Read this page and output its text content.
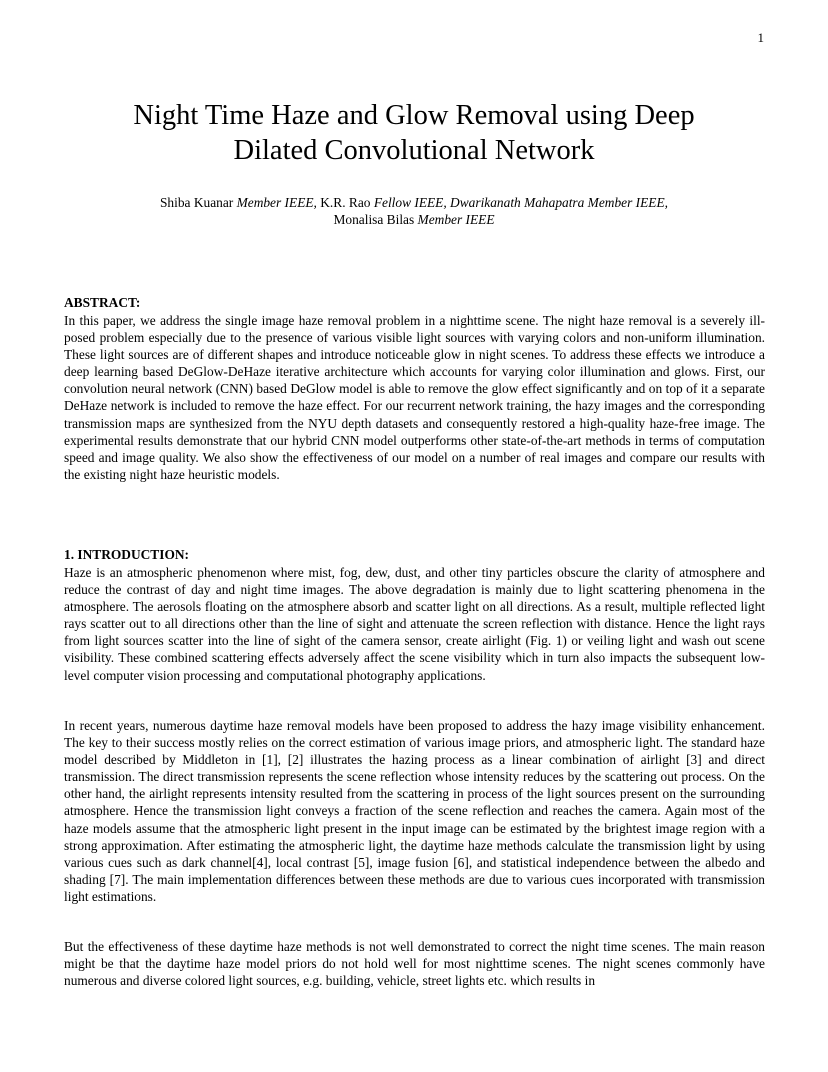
1
Night Time Haze and Glow Removal using Deep
Dilated Convolutional Network
Shiba Kuanar Member IEEE, K.R. Rao Fellow IEEE, Dwarikanath Mahapatra Member IEEE,
Monalisa Bilas Member IEEE
ABSTRACT:

In this paper, we address the single image haze removal problem in a nighttime scene. The night haze removal is a severely ill-posed problem especially due to the presence of various visible light sources with varying colors and non-uniform illumination. These light sources are of different shapes and introduce noticeable glow in night scenes. To address these effects we introduce a deep learning based DeGlow-DeHaze iterative architecture which accounts for varying color illumination and glows. First, our convolution neural network (CNN) based DeGlow model is able to remove the glow effect significantly and on top of it a separate DeHaze network is included to remove the haze effect. For our recurrent network training, the hazy images and the corresponding transmission maps are synthesized from the NYU depth datasets and consequently restored a high-quality haze-free image. The experimental results demonstrate that our hybrid CNN model outperforms other state-of-the-art methods in terms of computation speed and image quality. We also show the effectiveness of our model on a number of real images and compare our results with the existing night haze heuristic models.

1. INTRODUCTION:

Haze is an atmospheric phenomenon where mist, fog, dew, dust, and other tiny particles obscure the clarity of atmosphere and reduce the contrast of day and night time images. The above degradation is mainly due to light scattering phenomena in the atmosphere. The aerosols floating on the atmosphere absorb and scatter light on all directions. As a result, multiple reflected light rays scatter out to all directions other than the line of sight and attenuate the screen reflection with distance. Hence the light rays from light sources scatter into the line of sight of the camera sensor, create airlight (Fig. 1) or veiling light and wash out scene visibility. These combined scattering effects adversely affect the scene visibility which in turn also impacts the subsequent low-level computer vision processing and computational photography applications.

In recent years, numerous daytime haze removal models have been proposed to address the hazy image visibility enhancement. The key to their success mostly relies on the correct estimation of various image priors, and atmospheric light. The standard haze model described by Middleton in [1], [2] illustrates the hazing process as a linear combination of airlight [3] and direct transmission. The direct transmission represents the scene reflection whose intensity reduces by the scattering out process. On the other hand, the airlight represents intensity resulted from the scattering in process of the light sources present on the surrounding atmosphere. Hence the transmission light conveys a fraction of the scene reflection and reaches the camera. Again most of the haze models assume that the atmospheric light present in the input image can be estimated by the brightest image region with a strong approximation. After estimating the atmospheric light, the daytime haze methods calculate the transmission light by using various cues such as dark channel[4], local contrast [5], image fusion [6], and statistical independence between the albedo and shading [7]. The main implementation differences between these methods are due to various cues incorporated with transmission light estimations.

But the effectiveness of these daytime haze methods is not well demonstrated to correct the night time scenes. The main reason might be that the daytime haze model priors do not hold well for most nighttime scenes. The night scenes commonly have numerous and diverse colored light sources, e.g. building, vehicle, street lights etc. which results in
